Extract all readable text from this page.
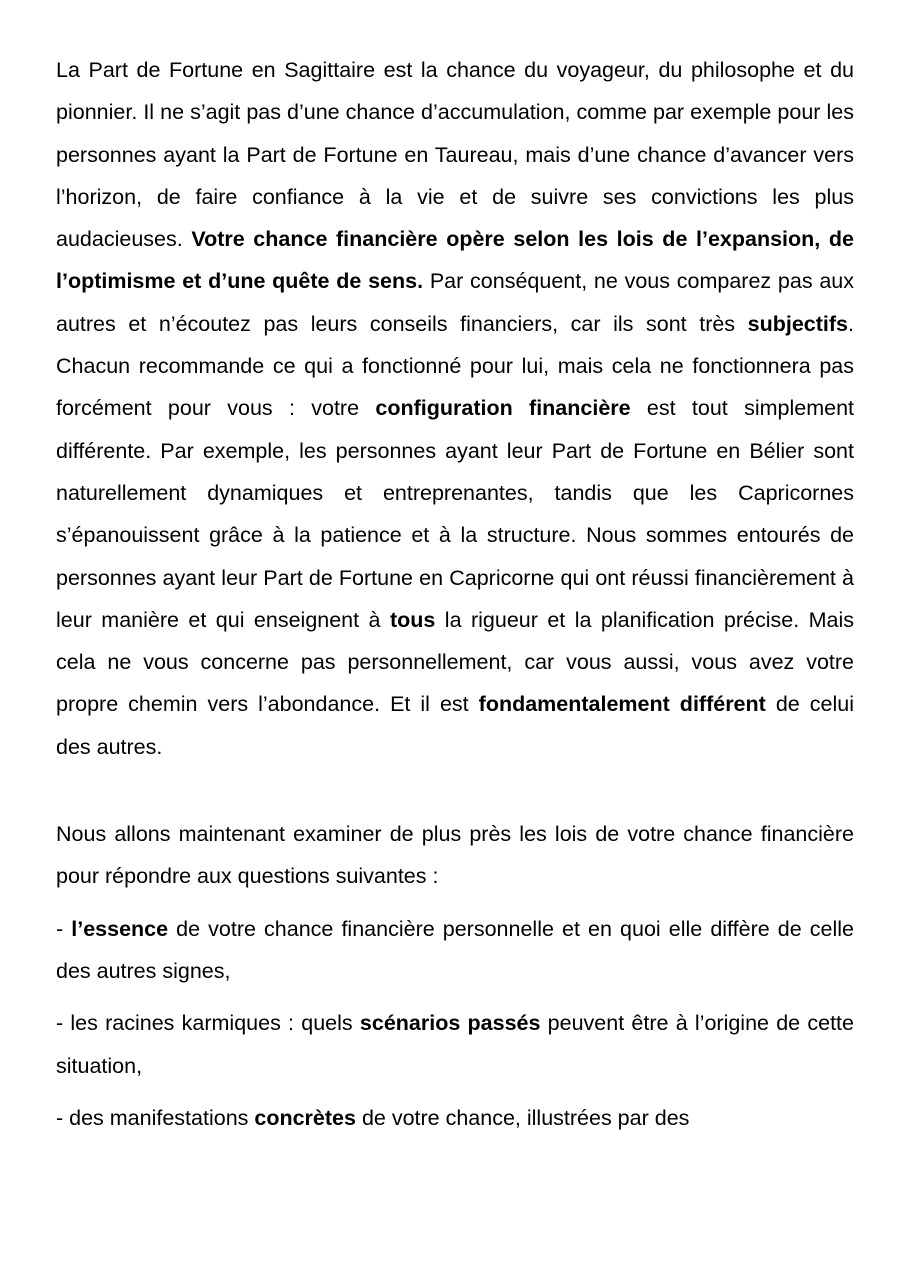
La Part de Fortune en Sagittaire est la chance du voyageur, du philosophe et du pionnier. Il ne s’agit pas d’une chance d’accumulation, comme par exemple pour les personnes ayant la Part de Fortune en Taureau, mais d’une chance d’avancer vers l’horizon, de faire confiance à la vie et de suivre ses convictions les plus audacieuses. Votre chance financière opère selon les lois de l’expansion, de l’optimisme et d’une quête de sens. Par conséquent, ne vous comparez pas aux autres et n’écoutez pas leurs conseils financiers, car ils sont très subjectifs. Chacun recommande ce qui a fonctionné pour lui, mais cela ne fonctionnera pas forcément pour vous : votre configuration financière est tout simplement différente. Par exemple, les personnes ayant leur Part de Fortune en Bélier sont naturellement dynamiques et entreprenantes, tandis que les Capricornes s’épanouissent grâce à la patience et à la structure. Nous sommes entourés de personnes ayant leur Part de Fortune en Capricorne qui ont réussi financièrement à leur manière et qui enseignent à tous la rigueur et la planification précise. Mais cela ne vous concerne pas personnellement, car vous aussi, vous avez votre propre chemin vers l’abondance. Et il est fondamentalement différent de celui des autres.

Nous allons maintenant examiner de plus près les lois de votre chance financière pour répondre aux questions suivantes :

- l’essence de votre chance financière personnelle et en quoi elle diffère de celle des autres signes,

- les racines karmiques : quels scénarios passés peuvent être à l’origine de cette situation,

- des manifestations concrètes de votre chance, illustrées par des
